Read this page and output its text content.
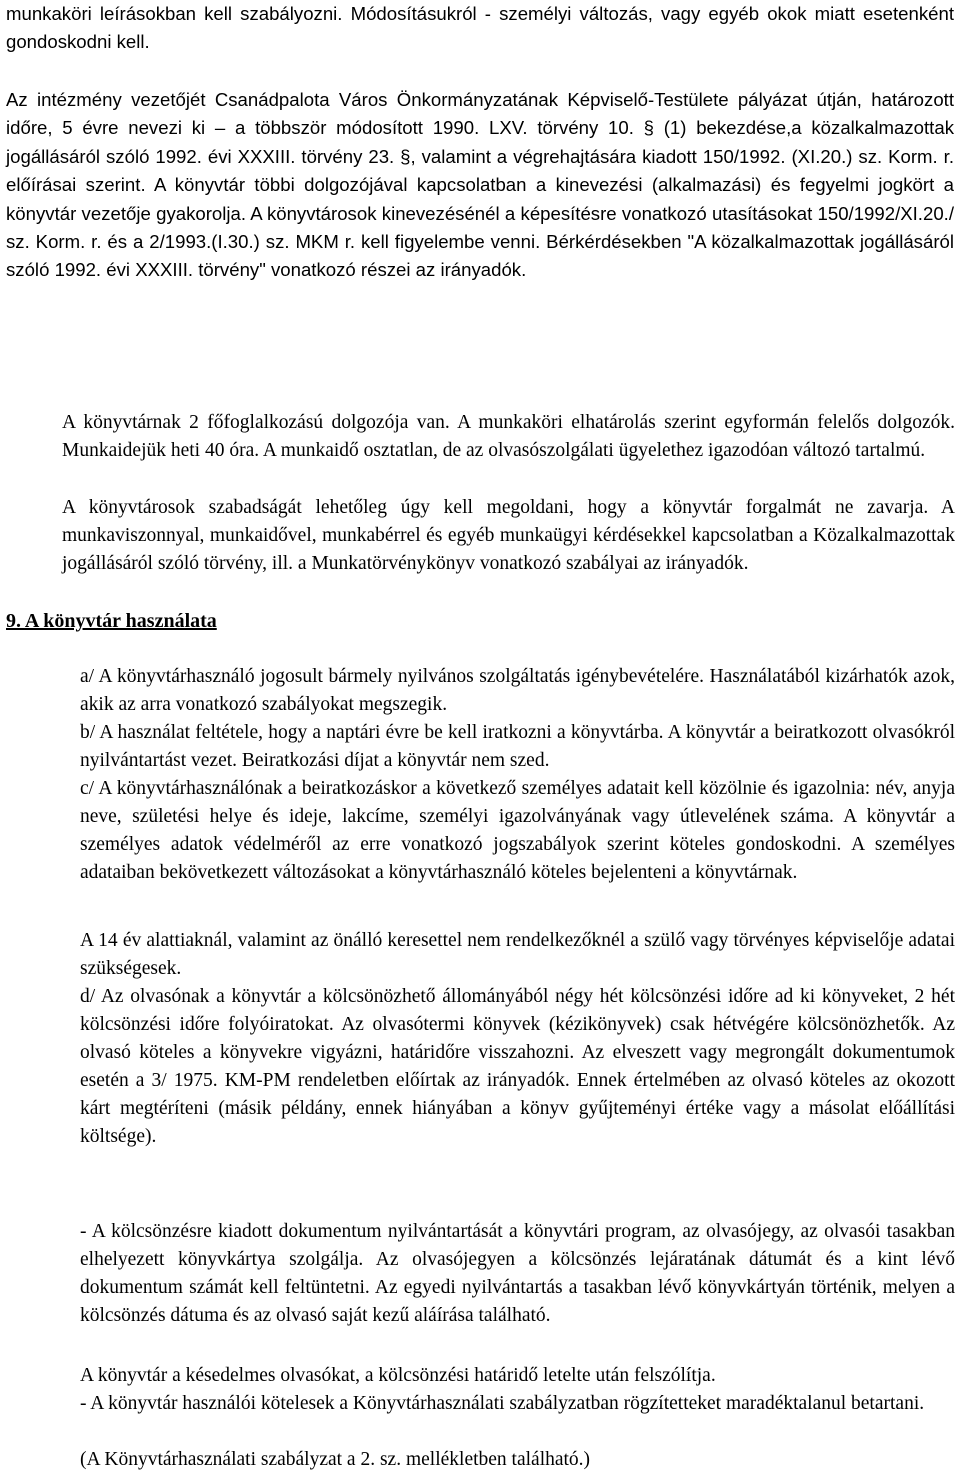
munkaköri leírásokban kell szabályozni. Módosításukról - személyi változás, vagy egyéb okok miatt esetenként gondoskodni kell.

Az intézmény vezetőjét Csanádpalota Város Önkormányzatának Képviselő-Testülete pályázat útján, határozott időre, 5 évre nevezi ki – a többször módosított 1990. LXV. törvény 10. § (1) bekezdése,a közalkalmazottak jogállásáról szóló 1992. évi XXXIII. törvény 23. §, valamint a végrehajtására kiadott 150/1992. (XI.20.) sz. Korm. r. előírásai szerint. A könyvtár többi dolgozójával kapcsolatban a kinevezési (alkalmazási) és fegyelmi jogkört a könyvtár vezetője gyakorolja. A könyvtárosok kinevezésénél a képesítésre vonatkozó utasításokat 150/1992/XI.20./ sz. Korm. r. és a 2/1993.(I.30.) sz. MKM r. kell figyelembe venni. Bérkérdésekben "A közalkalmazottak jogállásáról szóló 1992. évi XXXIII. törvény" vonatkozó részei az irányadók.

A könyvtárnak 2 főfoglalkozású dolgozója van. A munkaköri elhatárolás szerint egyformán felelős dolgozók. Munkaidejük heti 40 óra. A munkaidő osztatlan, de az olvasószolgálati ügyelethez igazodóan változó tartalmú.

A könyvtárosok szabadságát lehetőleg úgy kell megoldani, hogy a könyvtár forgalmát ne zavarja. A munkaviszonnyal, munkaidővel, munkabérrel és egyéb munkaügyi kérdésekkel kapcsolatban a Közalkalmazottak jogállásáról szóló törvény, ill. a Munkatörvénykönyv vonatkozó szabályai az irányadók.

9. A könyvtár használata

a/ A könyvtárhasználó jogosult bármely nyilvános szolgáltatás igénybevételére. Használatából kizárhatók azok, akik az arra vonatkozó szabályokat megszegik.

b/ A használat feltétele, hogy a naptári évre be kell iratkozni a könyvtárba. A könyvtár a beiratkozott olvasókról nyilvántartást vezet. Beiratkozási díjat a könyvtár nem szed.

c/ A könyvtárhasználónak a beiratkozáskor a következő személyes adatait kell közölnie és igazolnia: név, anyja neve, születési helye és ideje, lakcíme, személyi igazolványának vagy útlevelének száma. A könyvtár a személyes adatok védelméről az erre vonatkozó jogszabályok szerint köteles gondoskodni. A személyes adataiban bekövetkezett változásokat a könyvtárhasználó köteles bejelenteni a könyvtárnak.

A 14 év alattiaknál, valamint az önálló keresettel nem rendelkezőknél a szülő vagy törvényes képviselője adatai szükségesek.

d/ Az olvasónak a könyvtár a kölcsönözhető állományából négy hét kölcsönzési időre ad ki könyveket, 2 hét kölcsönzési időre folyóiratokat. Az olvasótermi könyvek (kézikönyvek) csak hétvégére kölcsönözhetők. Az olvasó köteles a könyvekre vigyázni, határidőre visszahozni. Az elveszett vagy megrongált dokumentumok esetén a 3/ 1975. KM-PM rendeletben előírtak az irányadók. Ennek értelmében az olvasó köteles az okozott kárt megtéríteni (másik példány, ennek hiányában a könyv gyűjteményi értéke vagy a másolat előállítási költsége).

- A kölcsönzésre kiadott dokumentum nyilvántartását a könyvtári program, az olvasójegy, az olvasói tasakban elhelyezett könyvkártya szolgálja. Az olvasójegyen a kölcsönzés lejáratának dátumát és a kint lévő dokumentum számát kell feltüntetni. Az egyedi nyilvántartás a tasakban lévő könyvkártyán történik, melyen a kölcsönzés dátuma és az olvasó saját kezű aláírása található.

A könyvtár a késedelmes olvasókat, a kölcsönzési határidő letelte után felszólítja.

- A könyvtár használói kötelesek a Könyvtárhasználati szabályzatban rögzítetteket maradéktalanul betartani.

(A Könyvtárhasználati szabályzat a 2. sz. mellékletben található.)
